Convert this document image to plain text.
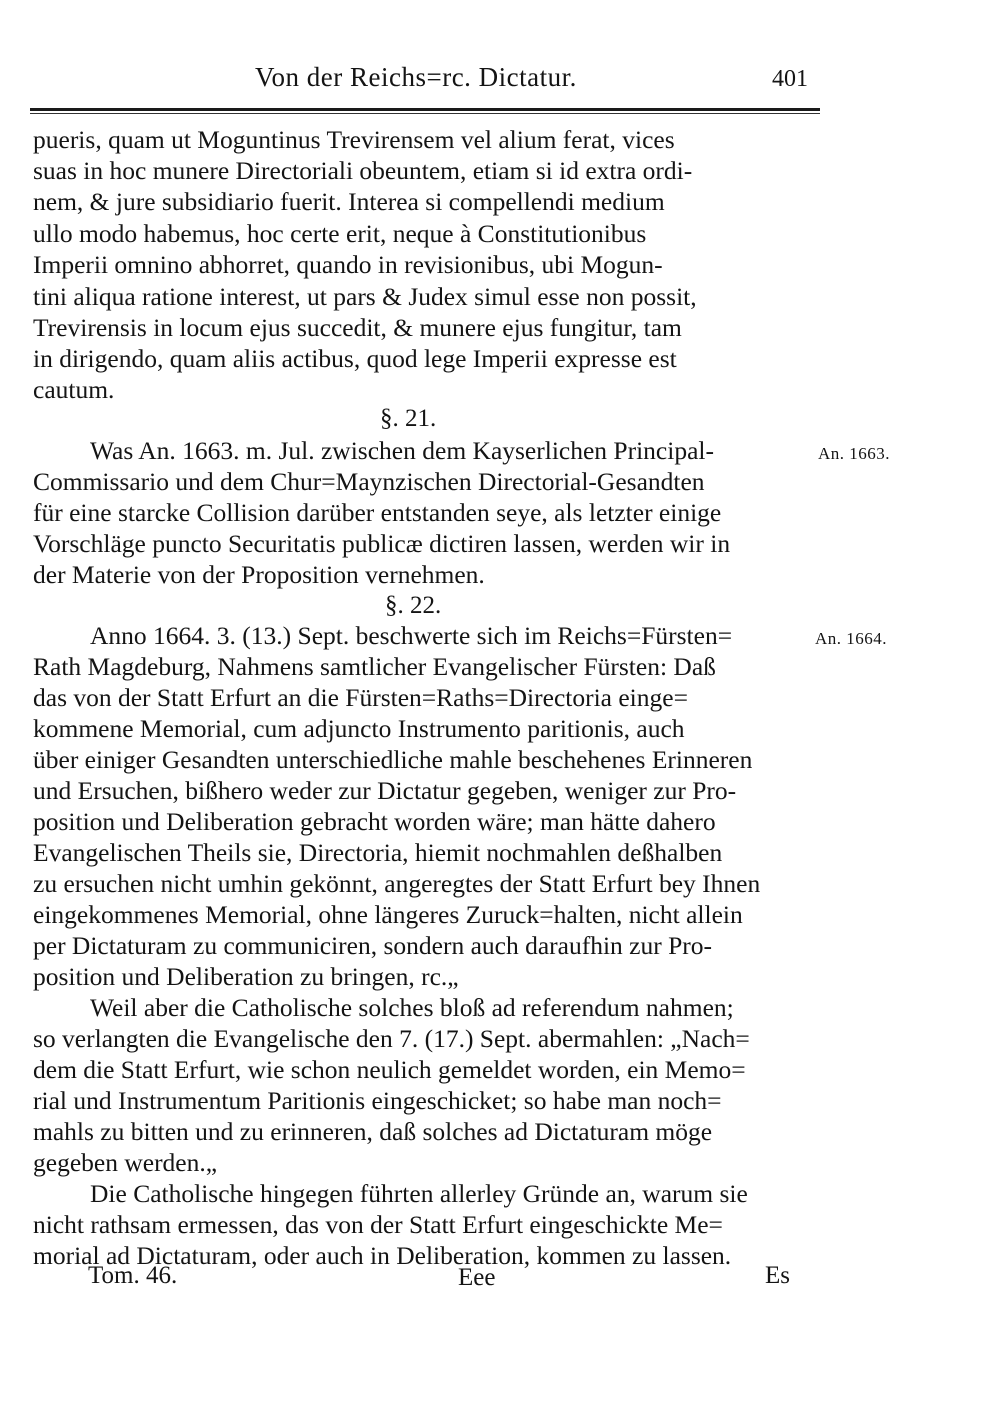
Von der Reichs=rc. Dictatur.	401
pueris, quam ut Moguntinus Trevirensem vel alium ferat, vices
suas in hoc munere Directoriali obeuntem, etiam si id extra ordi-
nem, & jure subsidiario fuerit. Interea si compellendi medium
ullo modo habemus, hoc certe erit, neque à Constitutionibus
Imperii omnino abhorret, quando in revisionibus, ubi Mogun-
tini aliqua ratione interest, ut pars & Judex simul esse non possit,
Trevirensis in locum ejus succedit, & munere ejus fungitur, tam
in dirigendo, quam aliis actibus, quod lege Imperii expresse est
cautum.
§. 21.
Was An. 1663. m. Jul. zwischen dem Kayserlichen Principal-
Commissario und dem Chur=Maynzischen Directorial-Gesandten
für eine starcke Collision darüber entstanden seye, als letzter einige
Vorschläge puncto Securitatis publicæ dictiren lassen, werden wir in
der Materie von der Proposition vernehmen.
An. 1663.
§. 22.
Anno 1664. 3. (13.) Sept. beschwerte sich im Reichs=Fürsten=
Rath Magdeburg, Nahmens samtlicher Evangelischer Fürsten: Daß
das von der Statt Erfurt an die Fürsten=Raths=Directoria einge=
kommene Memorial, cum adjuncto Instrumento paritionis, auch
über einiger Gesandten unterschiedliche mahle beschehenes Erinneren
und Ersuchen, bißhero weder zur Dictatur gegeben, weniger zur Pro-
position und Deliberation gebracht worden wäre; man hätte dahero
Evangelischen Theils sie, Directoria, hiemit nochmahlen deßhalben
zu ersuchen nicht umhin gekönnt, angeregtes der Statt Erfurt bey Ihnen
eingekommenes Memorial, ohne längeres Zuruck=halten, nicht allein
per Dictaturam zu communiciren, sondern auch daraufhin zur Pro-
position und Deliberation zu bringen, rc.„
Weil aber die Catholische solches bloß ad referendum nahmen;
so verlangten die Evangelische den 7. (17.) Sept. abermahlen: „Nach=
dem die Statt Erfurt, wie schon neulich gemeldet worden, ein Memo=
rial und Instrumentum Paritionis eingeschicket; so habe man noch=
mahls zu bitten und zu erinneren, daß solches ad Dictaturam möge
gegeben werden.„
Die Catholische hingegen führten allerley Gründe an, warum sie
nicht rathsam ermessen, das von der Statt Erfurt eingeschickte Me=
morial ad Dictaturam, oder auch in Deliberation, kommen zu lassen.
An. 1664.
Tom. 46.	Eee	Es
